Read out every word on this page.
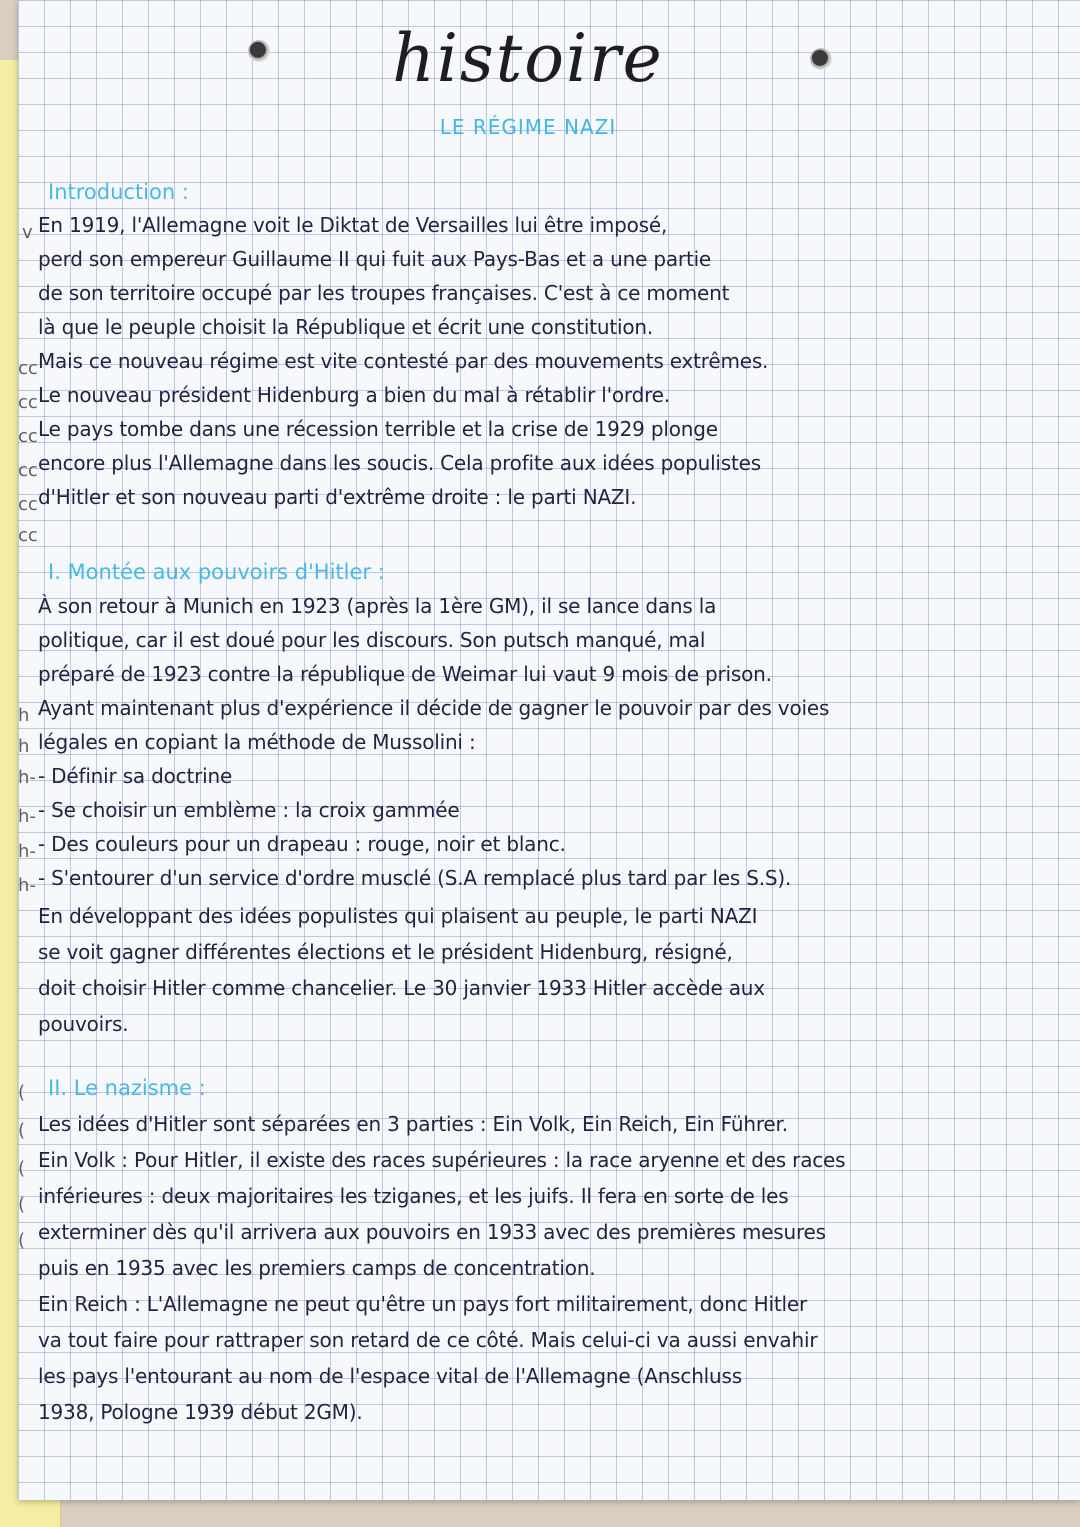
histoire
LE RÉGIME NAZI
v
cc
cc
cc
cc
cc
cc
h
h
h-
h-
h-
h-
(
(
(
(
(
Introduction :
En 1919, l'Allemagne voit le Diktat de Versailles lui être imposé,
perd son empereur Guillaume II qui fuit aux Pays-Bas et a une partie
de son territoire occupé par les troupes françaises. C'est à ce moment
là que le peuple choisit la République et écrit une constitution.
Mais ce nouveau régime est vite contesté par des mouvements extrêmes.
Le nouveau président Hidenburg a bien du mal à rétablir l'ordre.
Le pays tombe dans une récession terrible et la crise de 1929 plonge
encore plus l'Allemagne dans les soucis. Cela profite aux idées populistes
d'Hitler et son nouveau parti d'extrême droite : le parti NAZI.
I. Montée aux pouvoirs d'Hitler :
À son retour à Munich en 1923 (après la 1ère GM), il se lance dans la
politique, car il est doué pour les discours. Son putsch manqué, mal
préparé de 1923 contre la république de Weimar lui vaut 9 mois de prison.
Ayant maintenant plus d'expérience il décide de gagner le pouvoir par des voies
légales en copiant la méthode de Mussolini :
- Définir sa doctrine
- Se choisir un emblème : la croix gammée
- Des couleurs pour un drapeau : rouge, noir et blanc.
- S'entourer d'un service d'ordre musclé (S.A remplacé plus tard par les S.S).
En développant des idées populistes qui plaisent au peuple, le parti NAZI
se voit gagner différentes élections et le président Hidenburg, résigné,
doit choisir Hitler comme chancelier. Le 30 janvier 1933 Hitler accède aux
pouvoirs.
II. Le nazisme :
Les idées d'Hitler sont séparées en 3 parties : Ein Volk, Ein Reich, Ein Führer.
Ein Volk : Pour Hitler, il existe des races supérieures : la race aryenne et des races
inférieures : deux majoritaires les tziganes, et les juifs. Il fera en sorte de les
exterminer dès qu'il arrivera aux pouvoirs en 1933 avec des premières mesures
puis en 1935 avec les premiers camps de concentration.
Ein Reich : L'Allemagne ne peut qu'être un pays fort militairement, donc Hitler
va tout faire pour rattraper son retard de ce côté. Mais celui-ci va aussi envahir
les pays l'entourant au nom de l'espace vital de l'Allemagne (Anschluss
1938, Pologne 1939 début 2GM).
